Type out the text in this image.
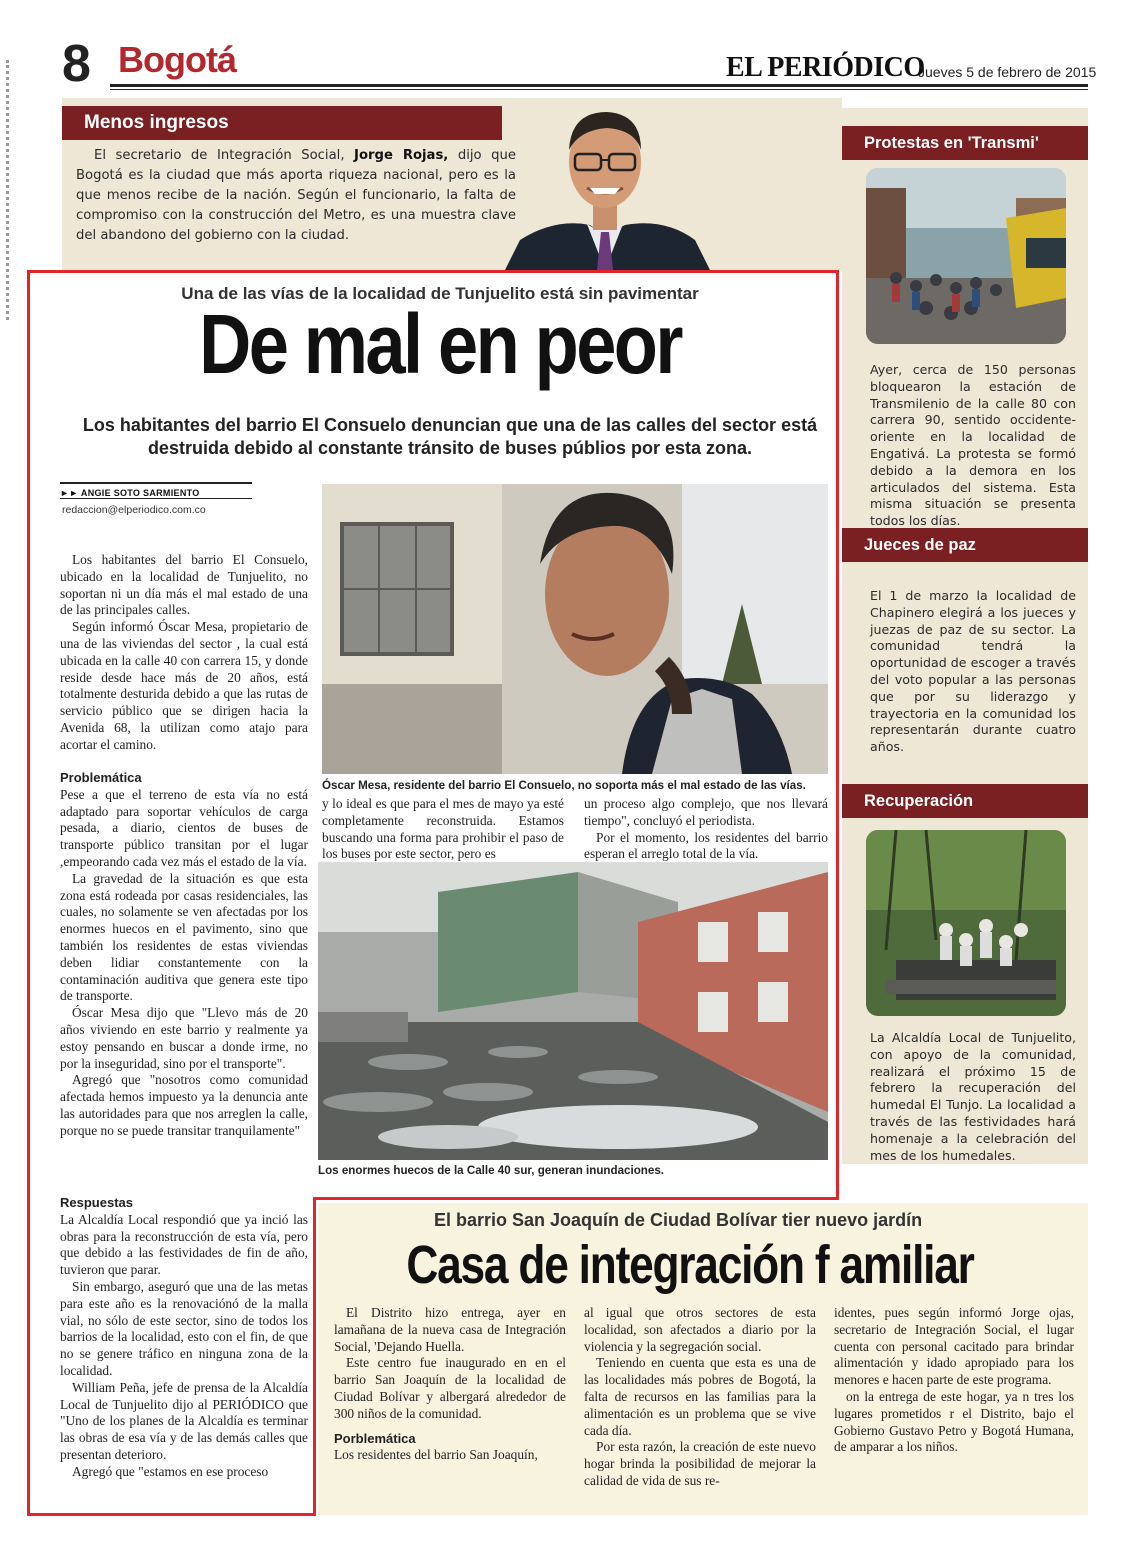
8 Bogotá	EL PERIÓDICO
Jueves 5 de febrero de 2015
Menos ingresos
El secretario de Integración Social, Jorge Rojas, dijo que Bogotá es la ciudad que más aporta riqueza nacional, pero es la que menos recibe de la nación. Según el funcionario, la falta de compromiso con la construcción del Metro, es una muestra clave del abandono del gobierno con la ciudad.
Protestas en 'Transmi'
Ayer, cerca de 150 personas bloquearon la estación de Transmilenio de la calle 80 con carrera 90, sentido occidente- oriente en la localidad de Engativá. La protesta se formó debido a la demora en los articulados del sistema. Esta misma situación se presenta todos los días.
Jueces de paz
El 1 de marzo la localidad de Chapinero elegirá a los jueces y juezas de paz de su sector. La comunidad tendrá la oportunidad de escoger a través del voto popular a las personas que por su liderazgo y trayectoria en la comunidad los representarán durante cuatro años.
Recuperación
La Alcaldía Local de Tunjuelito, con apoyo de la comunidad, realizará el próximo 15 de febrero la recuperación del humedal El Tunjo. La localidad a través de las festividades hará homenaje a la celebración del mes de los humedales.
Una de las vías de la localidad de Tunjuelito está sin pavimentar
De mal en peor
Los habitantes del barrio El Consuelo denuncian que una de las calles del sector está destruida debido al constante tránsito de buses públios por esta zona.
►► ANGIE SOTO SARMIENTO
redaccion@elperiodico.com.co

Los habitantes del barrio El Consuelo, ubicado en la localidad de Tunjuelito, no soportan ni un día más el mal estado de una de las principales calles.

Según informó Óscar Mesa, propietario de una de las viviendas del sector , la cual está ubicada en la calle 40 con carrera 15, y donde reside desde hace más de 20 años, está totalmente desturida debido a que las rutas de servicio público que se dirigen hacia la Avenida 68, la utilizan como atajo para acortar el camino.

Problemática

Pese a que el terreno de esta vía no está adaptado para soportar vehículos de carga pesada, a diario, cientos de buses de transporte público transitan por el lugar ,empeorando cada vez más el estado de la vía.

La gravedad de la situación es que esta zona está rodeada por casas residenciales, las cuales, no solamente se ven afectadas por los enormes huecos en el pavimento, sino que también los residentes de estas viviendas deben lidiar constantemente con la contaminación auditiva que genera este tipo de transporte.

Óscar Mesa dijo que "Llevo más de 20 años viviendo en este barrio y realmente ya estoy pensando en buscar a donde irme, no por la inseguridad, sino por el transporte".

Agregó que "nosotros como comunidad afectada hemos impuesto ya la denuncia ante las autoridades para que nos arreglen la calle, porque no se puede transitar tranquilamente"

Respuestas

La Alcaldía Local respondió que ya inció las obras para la reconstrucción de esta vía, pero que debido a las festividades de fin de año, tuvieron que parar.

Sin embargo, aseguró que una de las metas para este año es la renovaciónó de la malla vial, no sólo de este sector, sino de todos los barrios de la localidad, esto con el fin, de que no se genere tráfico en ninguna zona de la localidad.

William Peña, jefe de prensa de la Alcaldía Local de Tunjuelito dijo al PERIÓDICO que "Uno de los planes de la Alcaldía es terminar las obras de esa vía y de las demás calles que presentan deterioro.

Agregó que "estamos en ese proceso

Óscar Mesa, residente del barrio El Consuelo, no soporta más el mal estado de las vías.

y lo ideal es que para el mes de mayo ya esté completamente reconstruida. Estamos buscando una forma para prohibir el paso de los buses por este sector, pero es

un proceso algo complejo, que nos llevará tiempo", concluyó el periodista.

Por el momento, los residentes del barrio esperan el arreglo total de la vía.

Los enormes huecos de la Calle 40 sur, generan inundaciones.
El barrio San Joaquín de Ciudad Bolívar tier nuevo jardín
Casa de integración f amiliar

El Distrito hizo entrega, ayer en lamañana de la nueva casa de Integración Social, 'Dejando Huella.

Este centro fue inaugurado en en el barrio San Joaquín de la localidad de Ciudad Bolívar y albergará alrededor de 300 niños de la comunidad.

Porblemática

Los residentes del barrio San Joaquín,

al igual que otros sectores de esta localidad, son afectados a diario por la violencia y la segregación social.

Teniendo en cuenta que esta es una de las localidades más pobres de Bogotá, la falta de recursos en las familias para la alimentación es un problema que se vive cada día.

Por esta razón, la creación de este nuevo hogar brinda la posibilidad de mejorar la calidad de vida de sus re-

identes, pues según informó Jorge ojas, secretario de Integración Social, el lugar cuenta con personal cacitado para brindar alimentación y idado apropiado para los menores e hacen parte de este programa.

on la entrega de este hogar, ya n tres los lugares prometidos r el Distrito, bajo el Gobierno Gustavo Petro y Bogotá Humana, de amparar a los niños.
